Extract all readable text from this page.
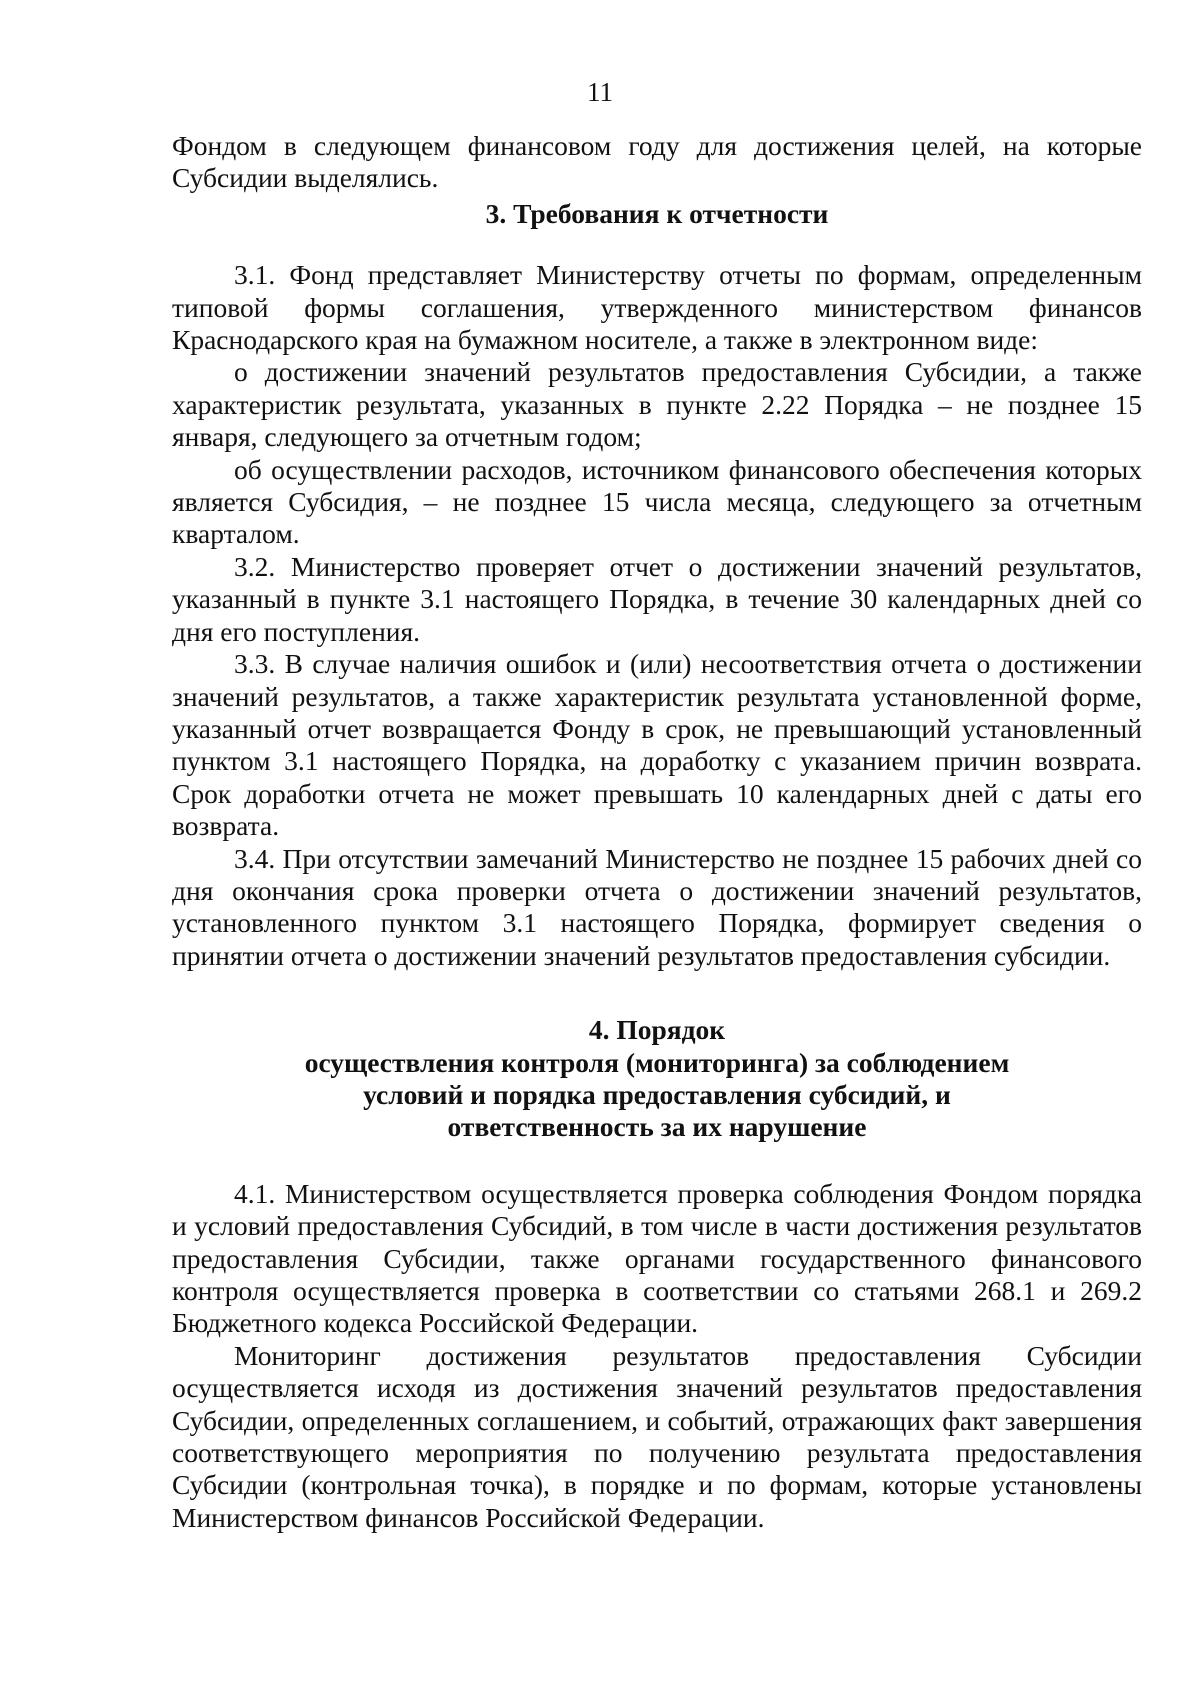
11

Фондом в следующем финансовом году для достижения целей, на которые Субсидии выделялись.

3. Требования к отчетности

3.1. Фонд представляет Министерству отчеты по формам, определенным типовой формы соглашения, утвержденного министерством финансов Краснодарского края на бумажном носителе, а также в электронном виде:

о достижении значений результатов предоставления Субсидии, а также характеристик результата, указанных в пункте 2.22 Порядка – не позднее 15 января, следующего за отчетным годом;

об осуществлении расходов, источником финансового обеспечения которых является Субсидия, – не позднее 15 числа месяца, следующего за отчетным кварталом.

3.2. Министерство проверяет отчет о достижении значений результатов, указанный в пункте 3.1 настоящего Порядка, в течение 30 календарных дней со дня его поступления.

3.3. В случае наличия ошибок и (или) несоответствия отчета о достижении значений результатов, а также характеристик результата установленной форме, указанный отчет возвращается Фонду в срок, не превышающий установленный пунктом 3.1 настоящего Порядка, на доработку с указанием причин возврата. Срок доработки отчета не может превышать 10 календарных дней с даты его возврата.

3.4. При отсутствии замечаний Министерство не позднее 15 рабочих дней со дня окончания срока проверки отчета о достижении значений результатов, установленного пунктом 3.1 настоящего Порядка, формирует сведения о принятии отчета о достижении значений результатов предоставления субсидии.

4. Порядок

осуществления контроля (мониторинга) за соблюдением

условий и порядка предоставления субсидий, и

ответственность за их нарушение

4.1. Министерством осуществляется проверка соблюдения Фондом порядка и условий предоставления Субсидий, в том числе в части достижения результатов предоставления Субсидии, также органами государственного финансового контроля осуществляется проверка в соответствии со статьями 268.1 и 269.2 Бюджетного кодекса Российской Федерации.

Мониторинг достижения результатов предоставления Субсидии осуществляется исходя из достижения значений результатов предоставления Субсидии, определенных соглашением, и событий, отражающих факт завершения соответствующего мероприятия по получению результата предоставления Субсидии (контрольная точка), в порядке и по формам, которые установлены Министерством финансов Российской Федерации.
